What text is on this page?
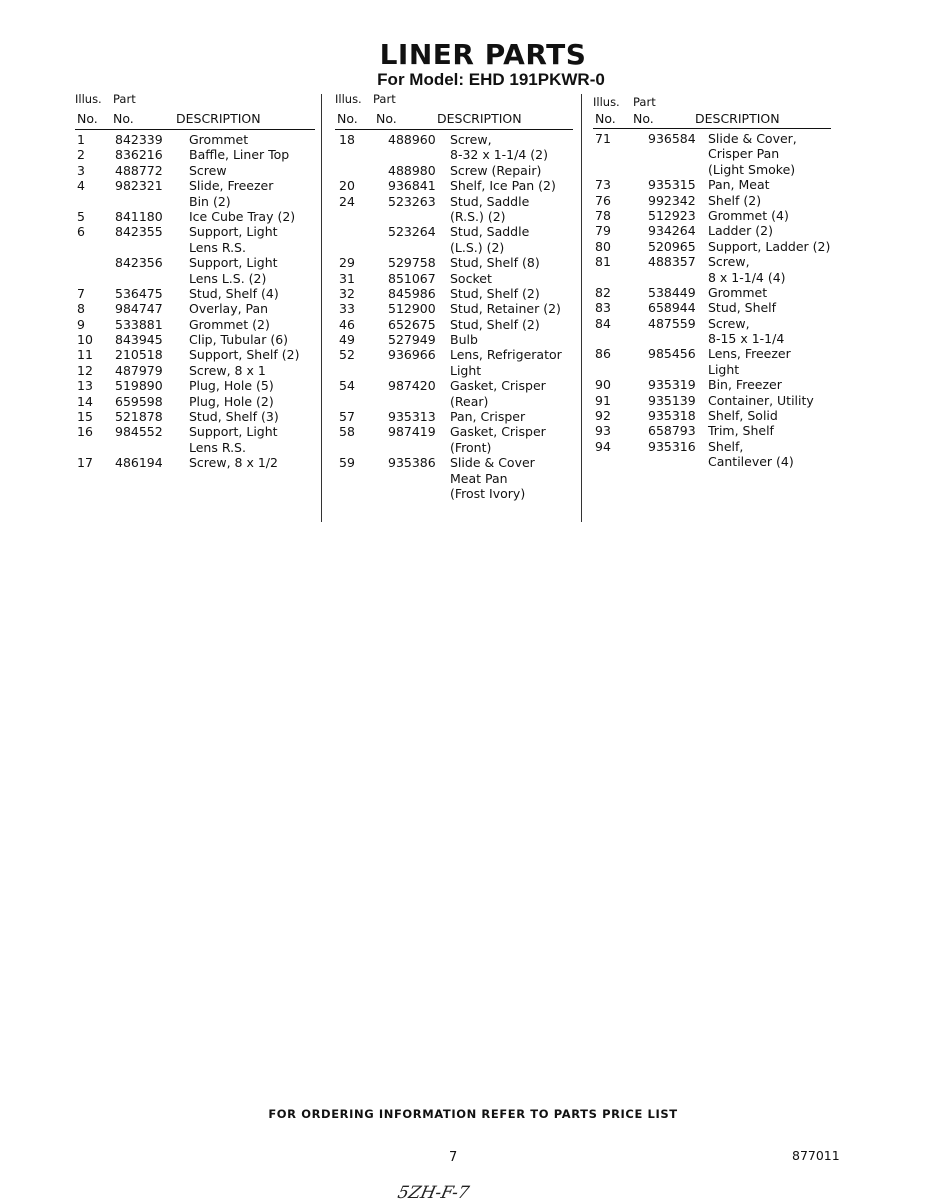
LINER PARTS
For Model: EHD 191PKWR-0
Illus. Part
No. No.	DESCRIPTION
1 842339 Grommet
2 836216 Baffle, Liner Top
3 488772 Screw
4 982321 Slide, Freezer
Bin (2)
5 841180 Ice Cube Tray (2)
6 842355 Support, Light
Lens R.S.
842356 Support, Light
Lens L.S. (2)
7 536475 Stud, Shelf (4)
8 984747 Overlay, Pan
9 533881 Grommet (2)
10 843945 Clip, Tubular (6)
11 210518 Support, Shelf (2)
12 487979 Screw, 8 x 1
13 519890 Plug, Hole (5)
14 659598 Plug, Hole (2)
15 521878 Stud, Shelf (3)
16 984552 Support, Light
Lens R.S.
17 486194 Screw, 8 x 1/2
Illus. Part
No. No.	DESCRIPTION
18	488960 Screw,
8-32 x 1-1/4 (2)
488980 Screw (Repair)
20	936841 Shelf, Ice Pan (2)
24	523263 Stud, Saddle
(R.S.) (2)
523264 Stud, Saddle
(L.S.) (2)
29	529758 Stud, Shelf (8)
31	851067 Socket
32	845986 Stud, Shelf (2)
33	512900 Stud, Retainer (2)
46	652675 Stud, Shelf (2)
49	527949 Bulb
52	936966 Lens, Refrigerator
Light
54	987420 Gasket, Crisper
(Rear)
57	935313 Pan, Crisper
58	987419 Gasket, Crisper
(Front)
59	935386 Slide & Cover
Meat Pan
(Frost Ivory)
Illus. Part
No. No.	DESCRIPTION
71	936584 Slide & Cover,
Crisper Pan
(Light Smoke)
73	935315 Pan, Meat
76	992342 Shelf (2)
78	512923 Grommet (4)
79	934264 Ladder (2)
80	520965 Support, Ladder (2)
81	488357 Screw,
8 x 1-1/4 (4)
82	538449 Grommet
83	658944 Stud, Shelf
84	487559 Screw,
8-15 x 1-1/4
86	985456 Lens, Freezer
Light
90	935319 Bin, Freezer
91	935139 Container, Utility
92	935318 Shelf, Solid
93	658793 Trim, Shelf
94	935316 Shelf,
Cantilever (4)
FOR ORDERING INFORMATION REFER TO PARTS PRICE LIST
7	877011
5ZH-F-7
